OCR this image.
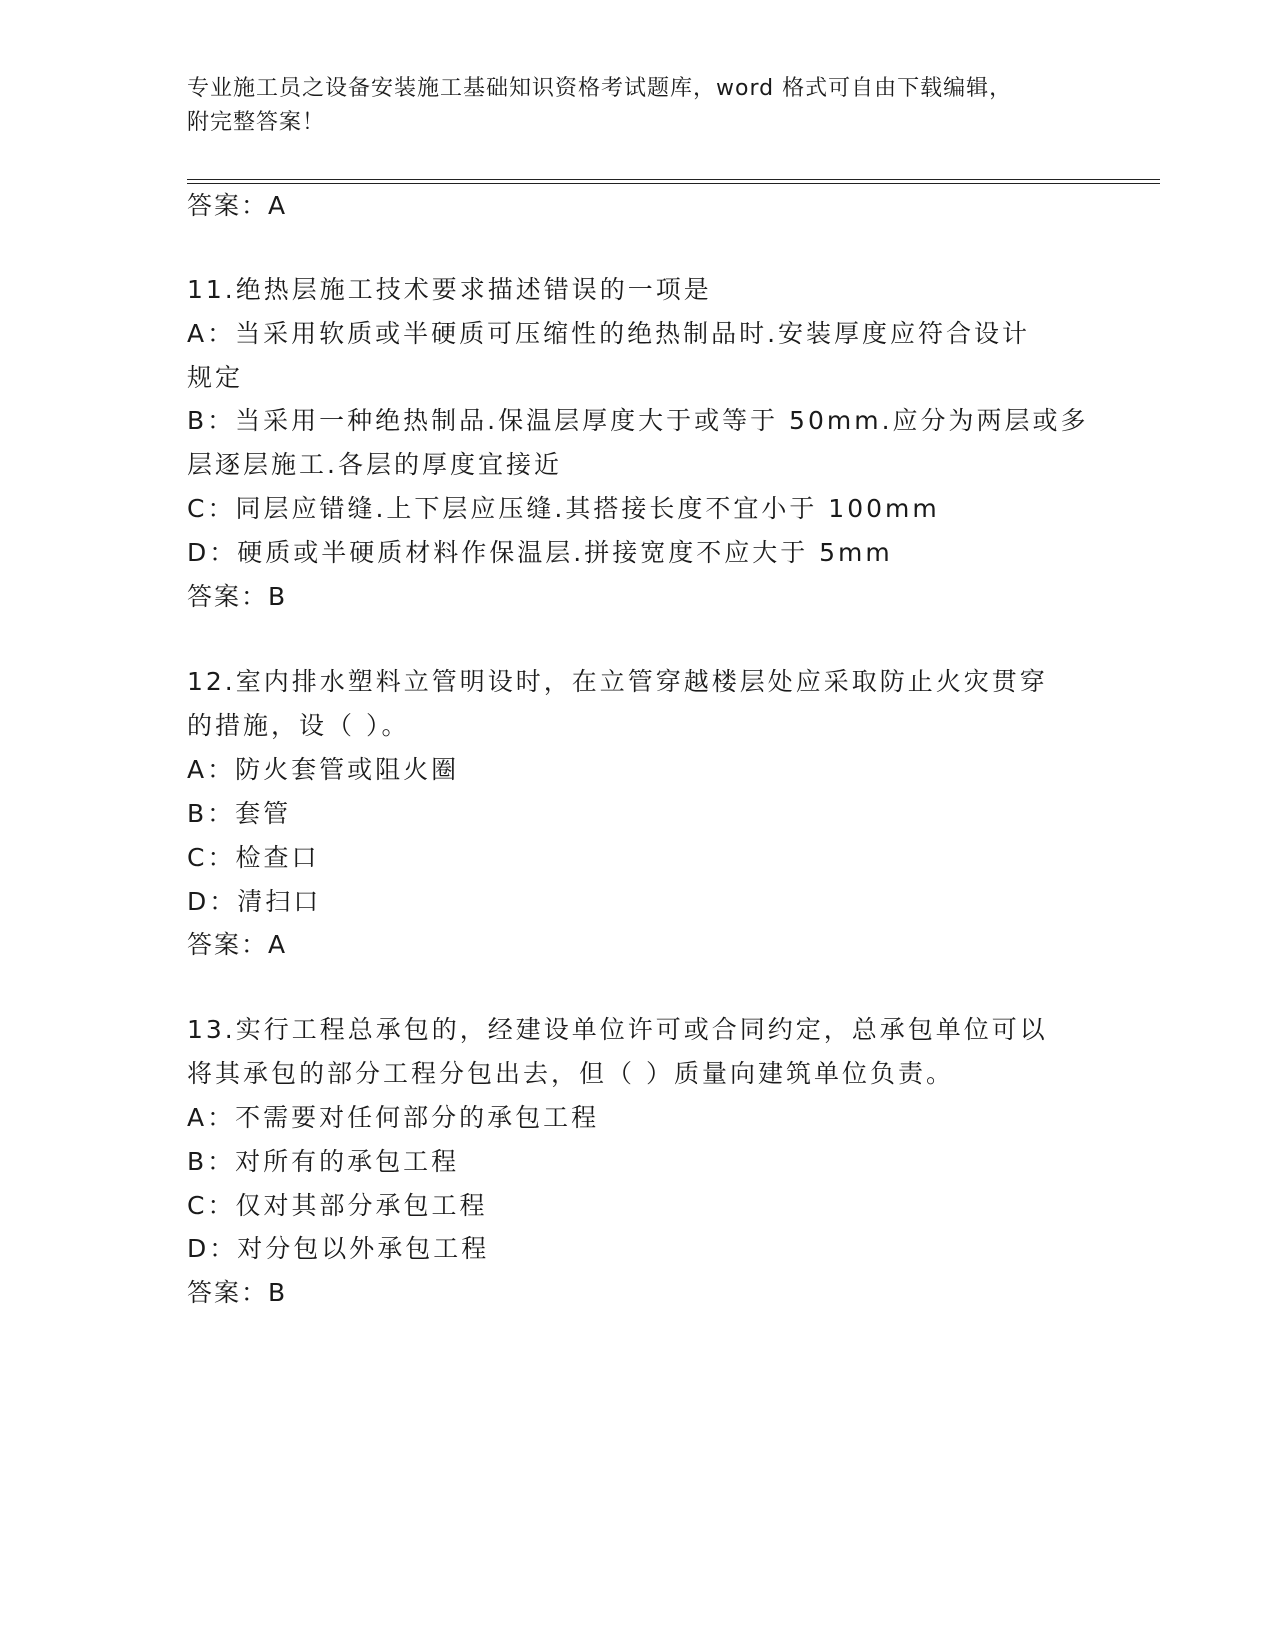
专业施工员之设备安装施工基础知识资格考试题库，word 格式可自由下载编辑，
附完整答案！
答案：A
11.绝热层施工技术要求描述错误的一项是
A：当采用软质或半硬质可压缩性的绝热制品时.安装厚度应符合设计
规定
B：当采用一种绝热制品.保温层厚度大于或等于 50mm.应分为两层或多
层逐层施工.各层的厚度宜接近
C：同层应错缝.上下层应压缝.其搭接长度不宜小于 100mm
D：硬质或半硬质材料作保温层.拼接宽度不应大于 5mm
答案：B
12.室内排水塑料立管明设时，在立管穿越楼层处应采取防止火灾贯穿
的措施，设（ ）。
A：防火套管或阻火圈
B：套管
C：检查口
D：清扫口
答案：A
13.实行工程总承包的，经建设单位许可或合同约定，总承包单位可以
将其承包的部分工程分包出去，但（ ）质量向建筑单位负责。
A：不需要对任何部分的承包工程
B：对所有的承包工程
C：仅对其部分承包工程
D：对分包以外承包工程
答案：B
